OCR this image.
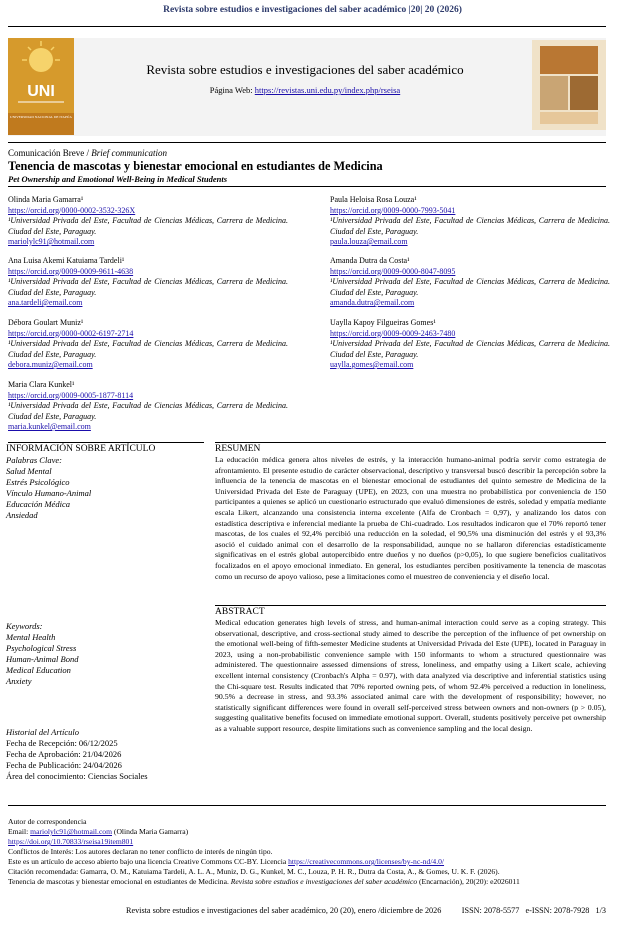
Revista sobre estudios e investigaciones del saber académico |20| 20 (2026)
UNI
UNIVERSIDAD NACIONAL DE ITAPÚA
Revista sobre estudios e investigaciones del saber académico
Página Web: https://revistas.uni.edu.py/index.php/rseisa
Comunicación Breve / Brief communication
Tenencia de mascotas y bienestar emocional en estudiantes de Medicina
Pet Ownership and Emotional Well-Being in Medical Students
Olinda Maria Gamarra¹
https://orcid.org/0000-0002-3532-326X
¹Universidad Privada del Este, Facultad de Ciencias Médicas, Carrera de Medicina. Ciudad del Este, Paraguay.
mariolylc91@hotmail.com
Ana Luisa Akemi Katuiama Tardeli¹
https://orcid.org/0009-0009-9611-4638
¹Universidad Privada del Este, Facultad de Ciencias Médicas, Carrera de Medicina. Ciudad del Este, Paraguay.
ana.tardeli@email.com
Débora Goulart Muniz¹
https://orcid.org/0000-0002-6197-2714
¹Universidad Privada del Este, Facultad de Ciencias Médicas, Carrera de Medicina. Ciudad del Este, Paraguay.
debora.muniz@email.com
Maria Clara Kunkel¹
https://orcid.org/0009-0005-1877-8114
¹Universidad Privada del Este, Facultad de Ciencias Médicas, Carrera de Medicina. Ciudad del Este, Paraguay.
maria.kunkel@email.com
Paula Heloisa Rosa Louza¹
https://orcid.org/0009-0000-7993-5041
¹Universidad Privada del Este, Facultad de Ciencias Médicas, Carrera de Medicina. Ciudad del Este, Paraguay.
paula.louza@email.com
Amanda Dutra da Costa¹
https://orcid.org/0009-0000-8047-8095
¹Universidad Privada del Este, Facultad de Ciencias Médicas, Carrera de Medicina. Ciudad del Este, Paraguay.
amanda.dutra@email.com
Uaylla Kapoy Filgueiras Gomes¹
https://orcid.org/0009-0009-2463-7480
¹Universidad Privada del Este, Facultad de Ciencias Médicas, Carrera de Medicina. Ciudad del Este, Paraguay.
uaylla.gomes@email.com
INFORMACIÓN SOBRE ARTÍCULO
Palabras Clave:
Salud Mental
Estrés Psicológico
Vínculo Humano-Animal
Educación Médica
Ansiedad
Keywords:
Mental Health
Psychological Stress
Human-Animal Bond
Medical Education
Anxiety
Historial del Artículo
Fecha de Recepción: 06/12/2025
Fecha de Aprobación: 21/04/2026
Fecha de Publicación: 24/04/2026
Área del conocimiento: Ciencias Sociales
RESUMEN
La educación médica genera altos niveles de estrés, y la interacción humano-animal podría servir como estrategia de afrontamiento. El presente estudio de carácter observacional, descriptivo y transversal buscó describir la percepción sobre la influencia de la tenencia de mascotas en el bienestar emocional de estudiantes del quinto semestre de Medicina de la Universidad Privada del Este de Paraguay (UPE), en 2023, con una muestra no probabilística por conveniencia de 150 participantes a quienes se aplicó un cuestionario estructurado que evaluó dimensiones de estrés, soledad y empatía mediante escala Likert, alcanzando una consistencia interna excelente (Alfa de Cronbach = 0,97), y analizando los datos con estadística descriptiva e inferencial mediante la prueba de Chi-cuadrado. Los resultados indicaron que el 70% reportó tener mascotas, de los cuales el 92,4% percibió una reducción en la soledad, el 90,5% una disminución del estrés y el 93,3% asoció el cuidado animal con el desarrollo de la responsabilidad, aunque no se hallaron diferencias estadísticamente significativas en el estrés global autopercibido entre dueños y no dueños (p>0,05), lo que sugiere beneficios cualitativos focalizados en el apoyo emocional inmediato. En general, los estudiantes perciben positivamente la tenencia de mascotas como un recurso de apoyo valioso, pese a limitaciones como el muestreo de conveniencia y el diseño local.
ABSTRACT
Medical education generates high levels of stress, and human-animal interaction could serve as a coping strategy. This observational, descriptive, and cross-sectional study aimed to describe the perception of the influence of pet ownership on the emotional well-being of fifth-semester Medicine students at Universidad Privada del Este (UPE), located in Paraguay in 2023, using a non-probabilistic convenience sample with 150 informants to whom a structured questionnaire was administered. The questionnaire assessed dimensions of stress, loneliness, and empathy using a Likert scale, achieving excellent internal consistency (Cronbach's Alpha = 0.97), with data analyzed via descriptive and inferential statistics using the Chi-square test. Results indicated that 70% reported owning pets, of whom 92.4% perceived a reduction in loneliness, 90.5% a decrease in stress, and 93.3% associated animal care with the development of responsibility; however, no statistically significant differences were found in overall self-perceived stress between owners and non-owners (p > 0.05), suggesting qualitative benefits focused on immediate emotional support. Overall, students positively perceive pet ownership as a valuable support resource, despite limitations such as convenience sampling and the local design.
Autor de correspondencia
Email: mariolylc91@hotmail.com (Olinda Maria Gamarra)
https://doi.org/10.70833/rseisa19item801
Conflictos de Interés: Los autores declaran no tener conflicto de interés de ningún tipo.
Este es un artículo de acceso abierto bajo una licencia Creative Commons CC-BY. Licencia https://creativecommons.org/licenses/by-nc-nd/4.0/
Citación recomendada: Gamarra, O. M., Katuiama Tardeli, A. L. A., Muniz, D. G., Kunkel, M. C., Louza, P. H. R., Dutra da Costa, A., & Gomes, U. K. F. (2026).
Tenencia de mascotas y bienestar emocional en estudiantes de Medicina. Revista sobre estudios e investigaciones del saber académico (Encarnación), 20(20): e2026011
Revista sobre estudios e investigaciones del saber académico, 20 (20), enero /diciembre de 2026          ISSN: 2078-5577   e-ISSN: 2078-7928   1/3
